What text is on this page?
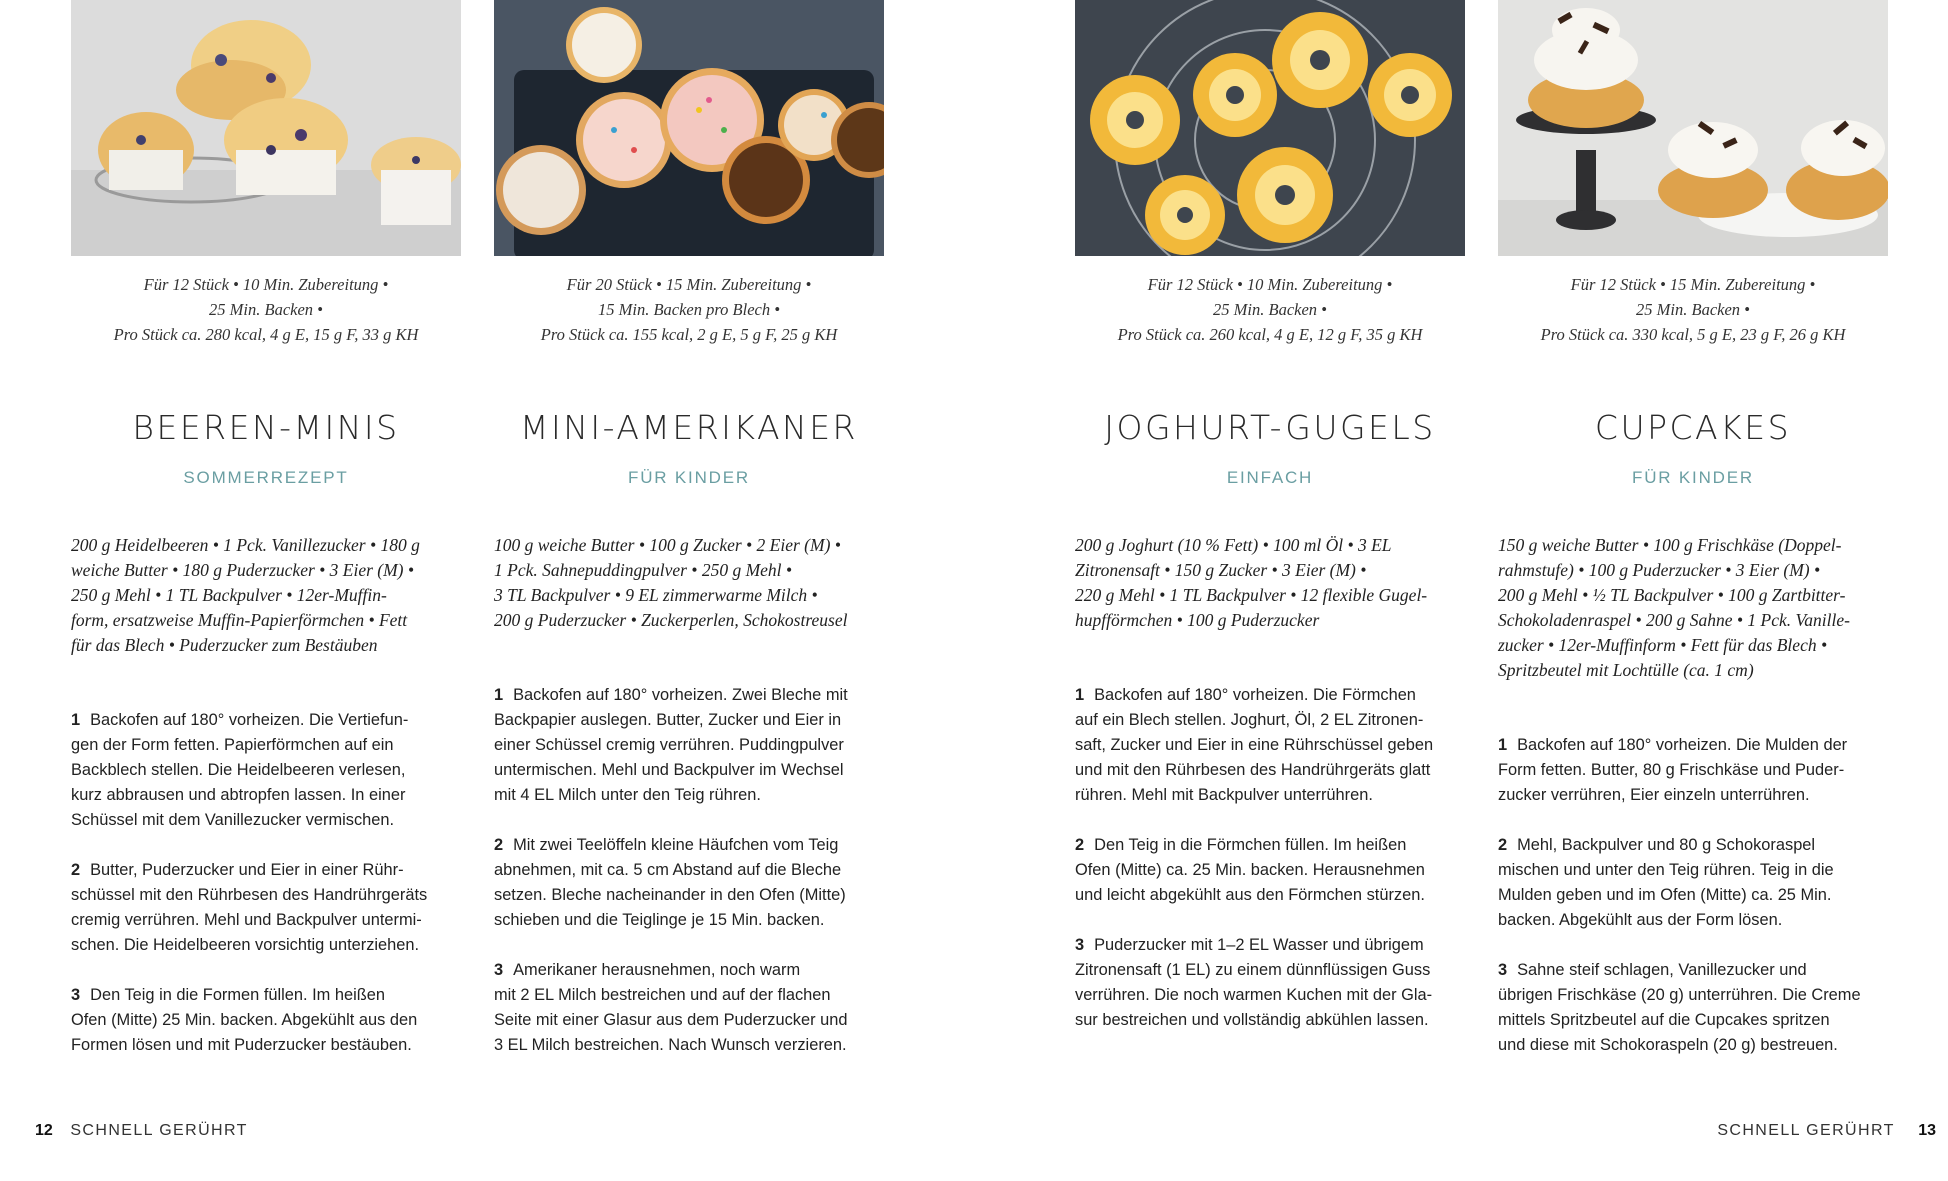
Für 12 Stück • 10 Min. Zubereitung •
25 Min. Backen •
Pro Stück ca. 280 kcal, 4 g E, 15 g F, 33 g KH
BEEREN-MINIS
SOMMERREZEPT

200 g Heidelbeeren • 1 Pck. Vanillezucker • 180 g

weiche Butter • 180 g Puderzucker • 3 Eier (M) •

250 g Mehl • 1 TL Backpulver • 12er-Muffin-

form, ersatzweise Muffin-Papierförmchen • Fett

für das Blech • Puderzucker zum Bestäuben

1 Backofen auf 180° vorheizen. Die Vertiefun-

gen der Form fetten. Papierförmchen auf ein

Backblech stellen. Die Heidelbeeren verlesen,

kurz abbrausen und abtropfen lassen. In einer

Schüssel mit dem Vanillezucker vermischen.

2 Butter, Puderzucker und Eier in einer Rühr-

schüssel mit den Rührbesen des Handrührgeräts

cremig verrühren. Mehl und Backpulver untermi-

schen. Die Heidelbeeren vorsichtig unterziehen.

3 Den Teig in die Formen füllen. Im heißen

Ofen (Mitte) 25 Min. backen. Abgekühlt aus den

Formen lösen und mit Puderzucker bestäuben.

Für 20 Stück • 15 Min. Zubereitung •
15 Min. Backen pro Blech •
Pro Stück ca. 155 kcal, 2 g E, 5 g F, 25 g KH
MINI-AMERIKANER
FÜR KINDER

100 g weiche Butter • 100 g Zucker • 2 Eier (M) •

1 Pck. Sahnepuddingpulver • 250 g Mehl •

3 TL Backpulver • 9 EL zimmerwarme Milch •

200 g Puderzucker • Zuckerperlen, Schokostreusel

1 Backofen auf 180° vorheizen. Zwei Bleche mit

Backpapier auslegen. Butter, Zucker und Eier in

einer Schüssel cremig verrühren. Puddingpulver

untermischen. Mehl und Backpulver im Wechsel

mit 4 EL Milch unter den Teig rühren.

2 Mit zwei Teelöffeln kleine Häufchen vom Teig

abnehmen, mit ca. 5 cm Abstand auf die Bleche

setzen. Bleche nacheinander in den Ofen (Mitte)

schieben und die Teiglinge je 15 Min. backen.

3 Amerikaner herausnehmen, noch warm

mit 2 EL Milch bestreichen und auf der flachen

Seite mit einer Glasur aus dem Puderzucker und

3 EL Milch bestreichen. Nach Wunsch verzieren.

Für 12 Stück • 10 Min. Zubereitung •
25 Min. Backen •
Pro Stück ca. 260 kcal, 4 g E, 12 g F, 35 g KH
JOGHURT-GUGELS
EINFACH

200 g Joghurt (10 % Fett) • 100 ml Öl • 3 EL

Zitronensaft • 150 g Zucker • 3 Eier (M) •

220 g Mehl • 1 TL Backpulver • 12 flexible Gugel-

hupfförmchen • 100 g Puderzucker

1 Backofen auf 180° vorheizen. Die Förmchen

auf ein Blech stellen. Joghurt, Öl, 2 EL Zitronen-

saft, Zucker und Eier in eine Rührschüssel geben

und mit den Rührbesen des Handrührgeräts glatt

rühren. Mehl mit Backpulver unterrühren.

2 Den Teig in die Förmchen füllen. Im heißen

Ofen (Mitte) ca. 25 Min. backen. Herausnehmen

und leicht abgekühlt aus den Förmchen stürzen.

3 Puderzucker mit 1–2 EL Wasser und übrigem

Zitronensaft (1 EL) zu einem dünnflüssigen Guss

verrühren. Die noch warmen Kuchen mit der Gla-

sur bestreichen und vollständig abkühlen lassen.

Für 12 Stück • 15 Min. Zubereitung •
25 Min. Backen •
Pro Stück ca. 330 kcal, 5 g E, 23 g F, 26 g KH
CUPCAKES
FÜR KINDER

150 g weiche Butter • 100 g Frischkäse (Doppel-

rahmstufe) • 100 g Puderzucker • 3 Eier (M) •

200 g Mehl • ½ TL Backpulver • 100 g Zartbitter-

Schokoladenraspel • 200 g Sahne • 1 Pck. Vanille-

zucker • 12er-Muffinform • Fett für das Blech •

Spritzbeutel mit Lochtülle (ca. 1 cm)

1 Backofen auf 180° vorheizen. Die Mulden der

Form fetten. Butter, 80 g Frischkäse und Puder-

zucker verrühren, Eier einzeln unterrühren.

2 Mehl, Backpulver und 80 g Schokoraspel

mischen und unter den Teig rühren. Teig in die

Mulden geben und im Ofen (Mitte) ca. 25 Min.

backen. Abgekühlt aus der Form lösen.

3 Sahne steif schlagen, Vanillezucker und

übrigen Frischkäse (20 g) unterrühren. Die Creme

mittels Spritzbeutel auf die Cupcakes spritzen

und diese mit Schokoraspeln (20 g) bestreuen.

12 SCHNELL GERÜHRT	SCHNELL GERÜHRT 13
